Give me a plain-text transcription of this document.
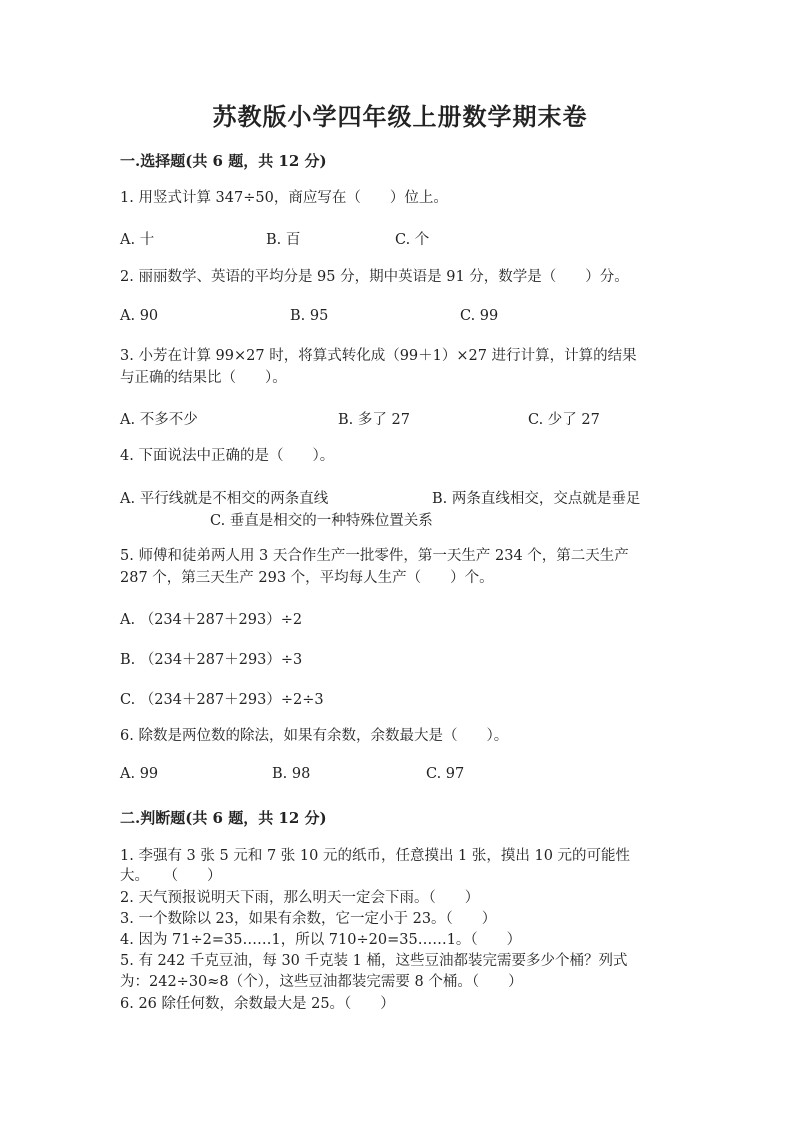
苏教版小学四年级上册数学期末卷
一.选择题(共 6 题，共 12 分)
1. 用竖式计算 347÷50，商应写在（　　）位上。
A. 十	B. 百	C. 个
2. 丽丽数学、英语的平均分是 95 分，期中英语是 91 分，数学是（　　）分。
A. 90	B. 95	C. 99
3. 小芳在计算 99×27 时，将算式转化成（99＋1）×27 进行计算，计算的结果
与正确的结果比（　　）。
A. 不多不少	B. 多了 27	C. 少了 27
4. 下面说法中正确的是（　　）。
A. 平行线就是不相交的两条直线	B. 两条直线相交，交点就是垂足
C. 垂直是相交的一种特殊位置关系
5. 师傅和徒弟两人用 3 天合作生产一批零件，第一天生产 234 个，第二天生产
287 个，第三天生产 293 个，平均每人生产（　　）个。
A. （234＋287＋293）÷2
B. （234＋287＋293）÷3
C. （234＋287＋293）÷2÷3
6. 除数是两位数的除法，如果有余数，余数最大是（　　）。
A. 99	B. 98	C. 97
二.判断题(共 6 题，共 12 分)
1. 李强有 3 张 5 元和 7 张 10 元的纸币，任意摸出 1 张，摸出 10 元的可能性
大。　　（　　）
2. 天气预报说明天下雨，那么明天一定会下雨。（　　）
3. 一个数除以 23，如果有余数，它一定小于 23。（　　）
4. 因为 71÷2=35……1，所以 710÷20=35……1。（　　）
5. 有 242 千克豆油，每 30 千克装 1 桶，这些豆油都装完需要多少个桶？列式
为：242÷30≈8（个），这些豆油都装完需要 8 个桶。（　　）
6. 26 除任何数，余数最大是 25。（　　）
